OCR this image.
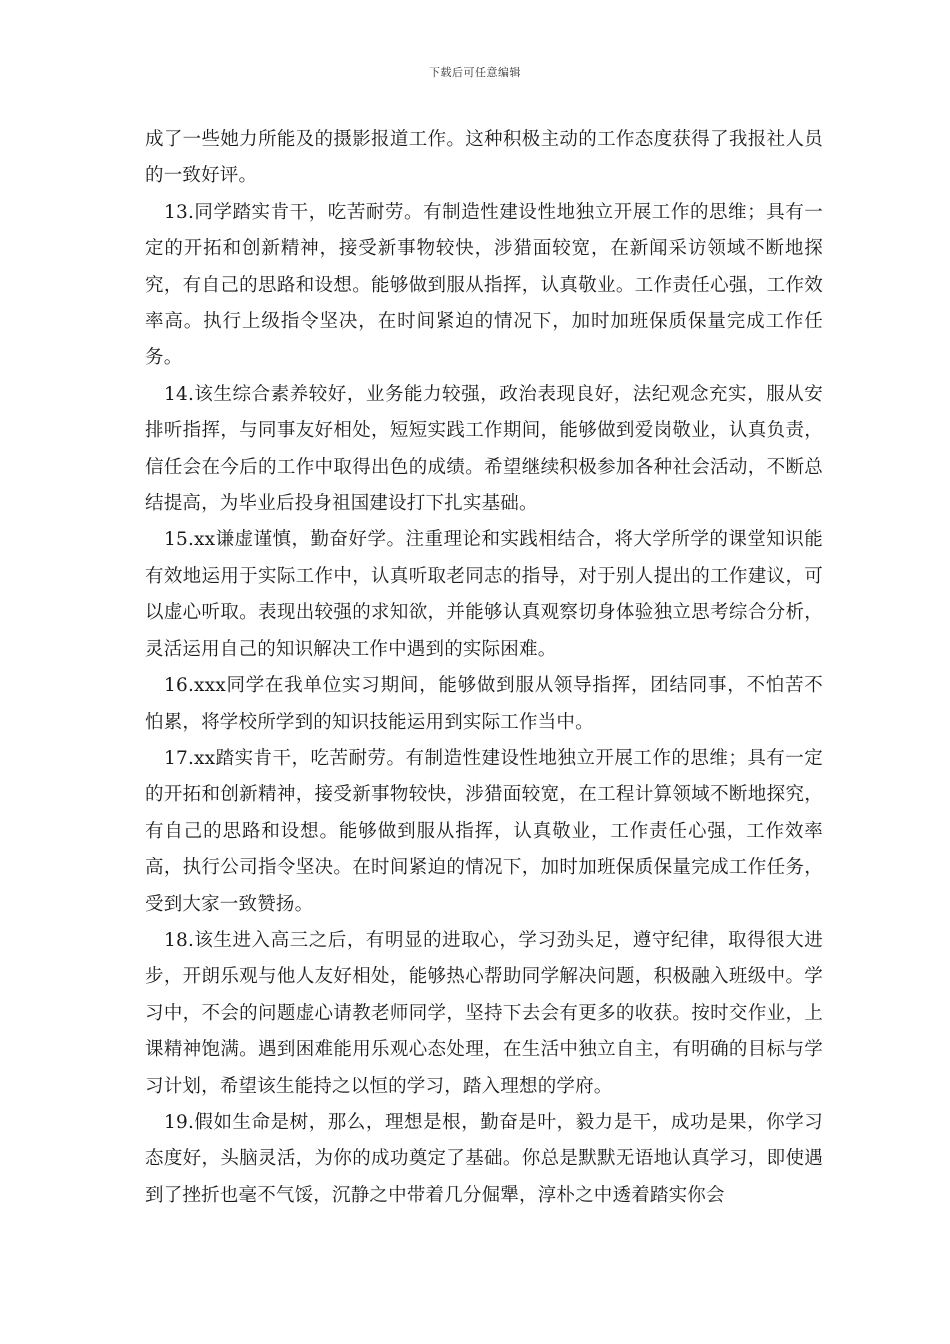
下载后可任意编辑

成了一些她力所能及的摄影报道工作。这种积极主动的工作态度获得了我报社人员的一致好评。

13.同学踏实肯干，吃苦耐劳。有制造性建设性地独立开展工作的思维；具有一定的开拓和创新精神，接受新事物较快，涉猎面较宽，在新闻采访领域不断地探究，有自己的思路和设想。能够做到服从指挥，认真敬业。工作责任心强，工作效率高。执行上级指令坚决，在时间紧迫的情况下，加时加班保质保量完成工作任务。

14.该生综合素养较好，业务能力较强，政治表现良好，法纪观念充实，服从安排听指挥，与同事友好相处，短短实践工作期间，能够做到爱岗敬业，认真负责，信任会在今后的工作中取得出色的成绩。希望继续积极参加各种社会活动，不断总结提高，为毕业后投身祖国建设打下扎实基础。

15.xx谦虚谨慎，勤奋好学。注重理论和实践相结合，将大学所学的课堂知识能有效地运用于实际工作中，认真听取老同志的指导，对于别人提出的工作建议，可以虚心听取。表现出较强的求知欲，并能够认真观察切身体验独立思考综合分析，灵活运用自己的知识解决工作中遇到的实际困难。

16.xxx同学在我单位实习期间，能够做到服从领导指挥，团结同事，不怕苦不怕累，将学校所学到的知识技能运用到实际工作当中。

17.xx踏实肯干，吃苦耐劳。有制造性建设性地独立开展工作的思维；具有一定的开拓和创新精神，接受新事物较快，涉猎面较宽，在工程计算领域不断地探究，有自己的思路和设想。能够做到服从指挥，认真敬业，工作责任心强，工作效率高，执行公司指令坚决。在时间紧迫的情况下，加时加班保质保量完成工作任务，受到大家一致赞扬。

18.该生进入高三之后，有明显的进取心，学习劲头足，遵守纪律，取得很大进步，开朗乐观与他人友好相处，能够热心帮助同学解决问题，积极融入班级中。学习中，不会的问题虚心请教老师同学，坚持下去会有更多的收获。按时交作业，上课精神饱满。遇到困难能用乐观心态处理，在生活中独立自主，有明确的目标与学习计划，希望该生能持之以恒的学习，踏入理想的学府。

19.假如生命是树，那么，理想是根，勤奋是叶，毅力是干，成功是果，你学习态度好，头脑灵活，为你的成功奠定了基础。你总是默默无语地认真学习，即使遇到了挫折也毫不气馁，沉静之中带着几分倔犟，淳朴之中透着踏实你会
